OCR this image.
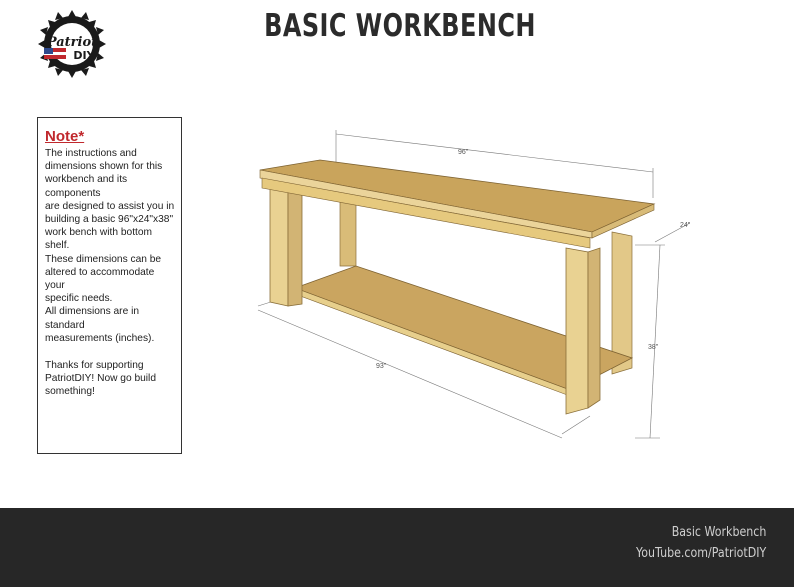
Patriot
DIY
BASIC WORKBENCH
Note*
The instructions and
dimensions shown for this
workbench and its components
are designed to assist you in
building a basic 96"x24"x38"
work bench with bottom shelf.
These dimensions can be
altered to accommodate your
specific needs.
All dimensions are in standard
measurements (inches).
Thanks for supporting
PatriotDIY! Now go build
something!
96"
24"
38"
93"
Basic Workbench
YouTube.com/PatriotDIY
